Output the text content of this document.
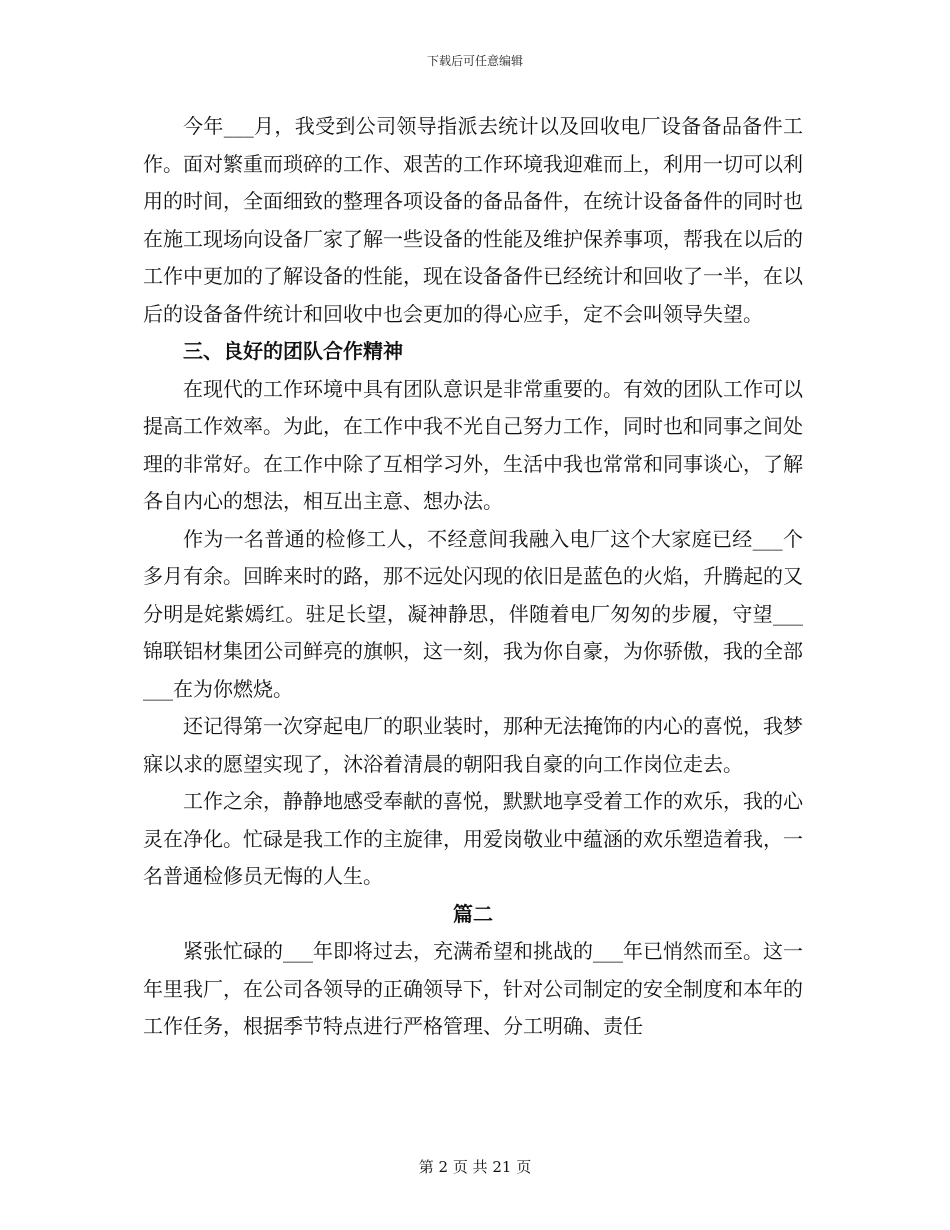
下载后可任意编辑

今年___月，我受到公司领导指派去统计以及回收电厂设备备品备件工作。面对繁重而琐碎的工作、艰苦的工作环境我迎难而上，利用一切可以利用的时间，全面细致的整理各项设备的备品备件，在统计设备备件的同时也在施工现场向设备厂家了解一些设备的性能及维护保养事项，帮我在以后的工作中更加的了解设备的性能，现在设备备件已经统计和回收了一半，在以后的设备备件统计和回收中也会更加的得心应手，定不会叫领导失望。

三、良好的团队合作精神

在现代的工作环境中具有团队意识是非常重要的。有效的团队工作可以提高工作效率。为此，在工作中我不光自己努力工作，同时也和同事之间处理的非常好。在工作中除了互相学习外，生活中我也常常和同事谈心，了解各自内心的想法，相互出主意、想办法。

作为一名普通的检修工人，不经意间我融入电厂这个大家庭已经___个多月有余。回眸来时的路，那不远处闪现的依旧是蓝色的火焰，升腾起的又分明是姹紫嫣红。驻足长望，凝神静思，伴随着电厂匆匆的步履，守望___锦联铝材集团公司鲜亮的旗帜，这一刻，我为你自豪，为你骄傲，我的全部___在为你燃烧。

还记得第一次穿起电厂的职业装时，那种无法掩饰的内心的喜悦，我梦寐以求的愿望实现了，沐浴着清晨的朝阳我自豪的向工作岗位走去。

工作之余，静静地感受奉献的喜悦，默默地享受着工作的欢乐，我的心灵在净化。忙碌是我工作的主旋律，用爱岗敬业中蕴涵的欢乐塑造着我，一名普通检修员无悔的人生。

篇二

紧张忙碌的___年即将过去，充满希望和挑战的___年已悄然而至。这一年里我厂，在公司各领导的正确领导下，针对公司制定的安全制度和本年的工作任务，根据季节特点进行严格管理、分工明确、责任

第 2 页 共 21 页
